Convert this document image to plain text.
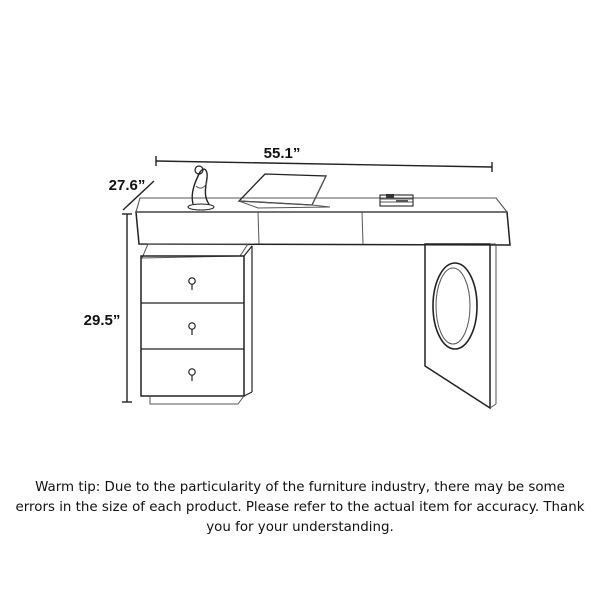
55.1”
27.6”
29.5”

Warm tip: Due to the particularity of the furniture industry, there may be some errors in the size of each product. Please refer to the actual item for accuracy. Thank you for your understanding.
